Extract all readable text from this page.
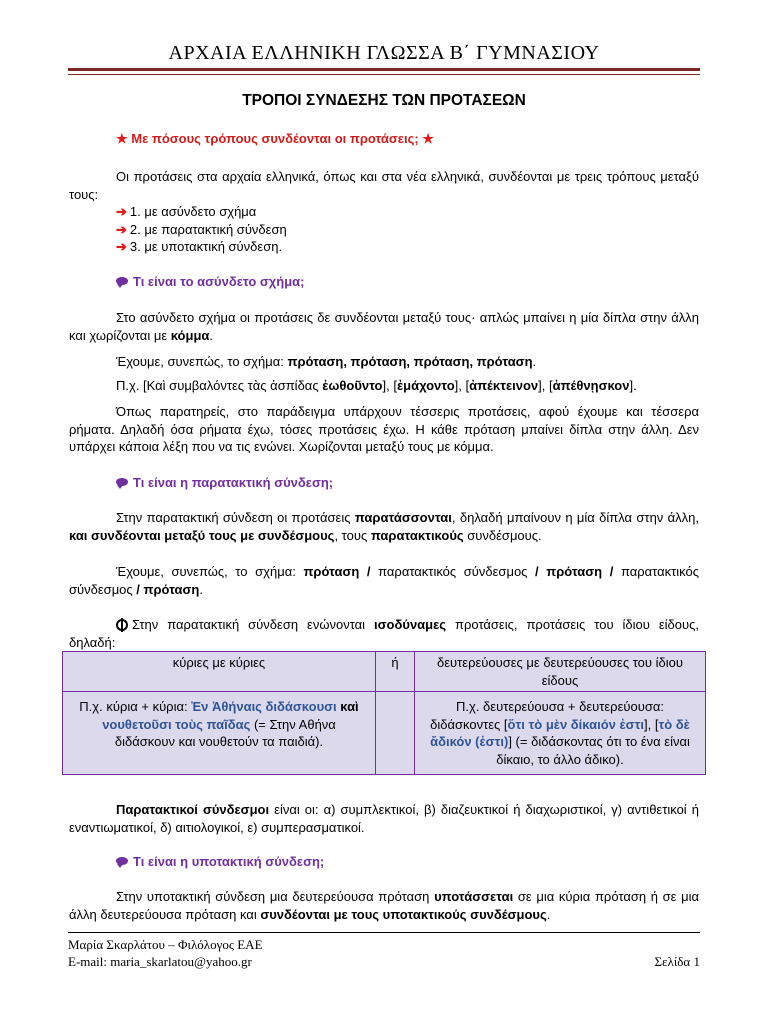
ΑΡΧΑΙΑ ΕΛΛΗΝΙΚΗ ΓΛΩΣΣΑ Β΄ ΓΥΜΝΑΣΙΟΥ
ΤΡΟΠΟΙ ΣΥΝΔΕΣΗΣ ΤΩΝ ΠΡΟΤΑΣΕΩΝ
★ Με πόσους τρόπους συνδέονται οι προτάσεις; ★
Οι προτάσεις στα αρχαία ελληνικά, όπως και στα νέα ελληνικά, συνδέονται με τρεις τρόπους μεταξύ τους:
➔ 1. με ασύνδετο σχήμα
➔ 2. με παρατακτική σύνδεση
➔ 3. με υποτακτική σύνδεση.
Τι είναι το ασύνδετο σχήμα;
Στο ασύνδετο σχήμα οι προτάσεις δε συνδέονται μεταξύ τους· απλώς μπαίνει η μία δίπλα στην άλλη και χωρίζονται με κόμμα.
Έχουμε, συνεπώς, το σχήμα: πρόταση, πρόταση, πρόταση, πρόταση.
Π.χ. [Καὶ συμβαλόντες τὰς ἀσπίδας ἐωθοῦντο], [ἐμάχοντο], [ἀπέκτεινον], [ἀπέθνῃσκον].
Όπως παρατηρείς, στο παράδειγμα υπάρχουν τέσσερις προτάσεις, αφού έχουμε και τέσσερα ρήματα. Δηλαδή όσα ρήματα έχω, τόσες προτάσεις έχω. Η κάθε πρόταση μπαίνει δίπλα στην άλλη. Δεν υπάρχει κάποια λέξη που να τις ενώνει. Χωρίζονται μεταξύ τους με κόμμα.
Τι είναι η παρατακτική σύνδεση;
Στην παρατακτική σύνδεση οι προτάσεις παρατάσσονται, δηλαδή μπαίνουν η μία δίπλα στην άλλη, και συνδέονται μεταξύ τους με συνδέσμους, τους παρατακτικούς συνδέσμους.
Έχουμε, συνεπώς, το σχήμα: πρόταση / παρατακτικός σύνδεσμος / πρόταση / παρατακτικός σύνδεσμος / πρόταση.
Στην παρατακτική σύνδεση ενώνονται ισοδύναμες προτάσεις, προτάσεις του ίδιου είδους, δηλαδή:
κύριες με κύριες	ή	δευτερεύουσες με δευτερεύουσες του ίδιου είδους
Π.χ. κύρια + κύρια: Ἐν Ἀθήναις διδάσκουσι καὶ νουθετοῦσι τοὺς παῖδας (= Στην Αθήνα διδάσκουν και νουθετούν τα παιδιά).		Π.χ. δευτερεύουσα + δευτερεύουσα: διδάσκοντες [ὅτι τὸ μὲν δίκαιόν ἐστι], [τὸ δὲ ἄδικόν (ἐστι)] (= διδάσκοντας ότι το ένα είναι δίκαιο, το άλλο άδικο).
Παρατακτικοί σύνδεσμοι είναι οι: α) συμπλεκτικοί, β) διαζευκτικοί ή διαχωριστικοί, γ) αντιθετικοί ή εναντιωματικοί, δ) αιτιολογικοί, ε) συμπερασματικοί.
Τι είναι η υποτακτική σύνδεση;
Στην υποτακτική σύνδεση μια δευτερεύουσα πρόταση υποτάσσεται σε μια κύρια πρόταση ή σε μια άλλη δευτερεύουσα πρόταση και συνδέονται με τους υποτακτικούς συνδέσμους.
Μαρία Σκαρλάτου – Φιλόλογος ΕΑΕ
E-mail: maria_skarlatou@yahoo.gr	Σελίδα 1
